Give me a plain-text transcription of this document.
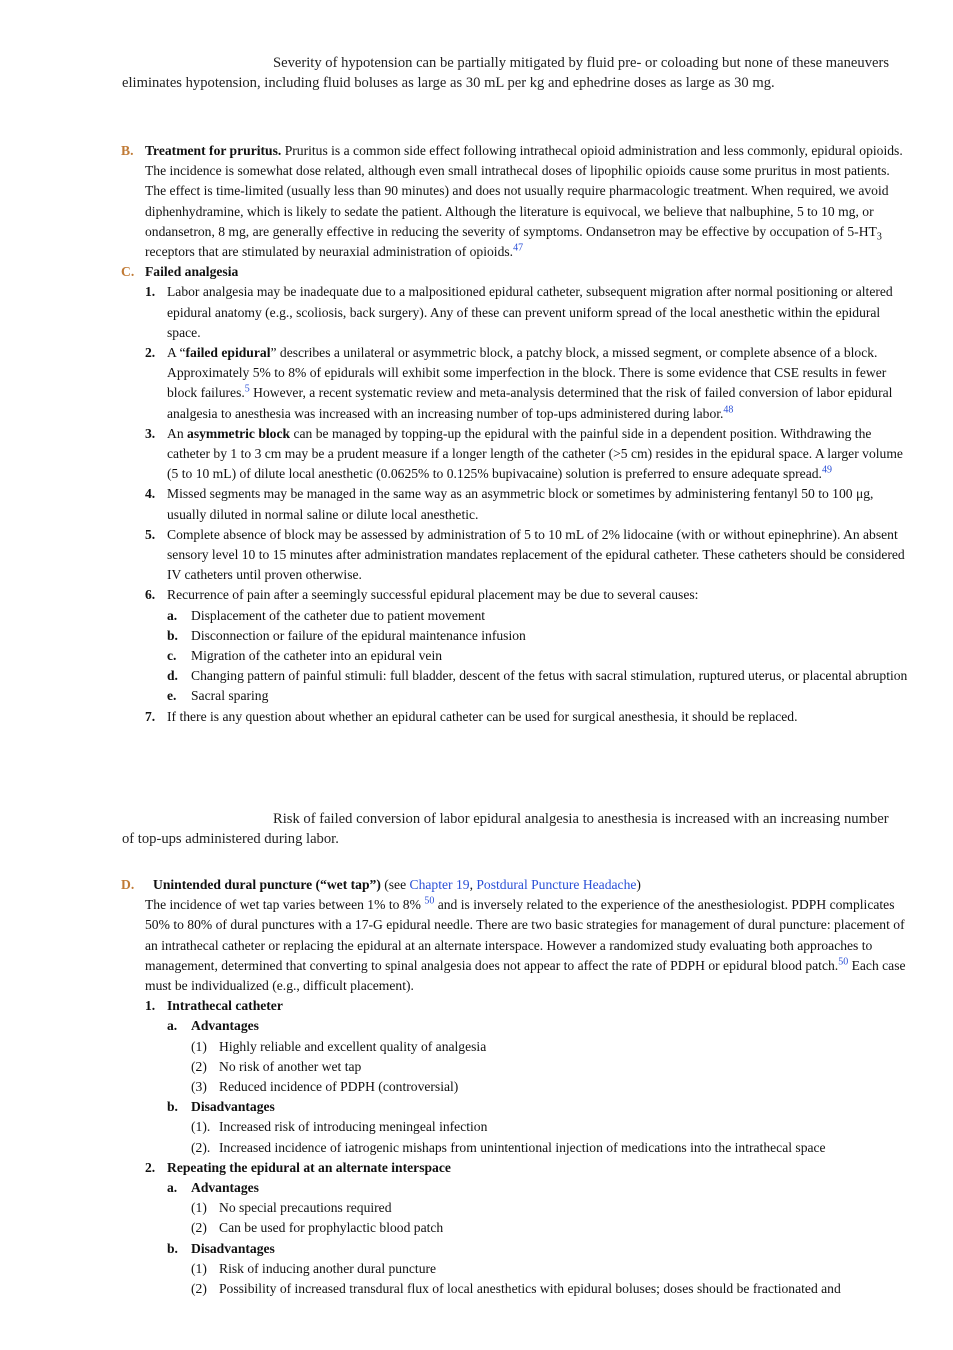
Severity of hypotension can be partially mitigated by fluid pre- or coloading but none of these maneuvers eliminates hypotension, including fluid boluses as large as 30 mL per kg and ephedrine doses as large as 30 mg.
B. Treatment for pruritus. Pruritus is a common side effect following intrathecal opioid administration and less commonly, epidural opioids. The incidence is somewhat dose related, although even small intrathecal doses of lipophilic opioids cause some pruritus in most patients. The effect is time-limited (usually less than 90 minutes) and does not usually require pharmacologic treatment. When required, we avoid diphenhydramine, which is likely to sedate the patient. Although the literature is equivocal, we believe that nalbuphine, 5 to 10 mg, or ondansetron, 8 mg, are generally effective in reducing the severity of symptoms. Ondansetron may be effective by occupation of $5-HT_3$ receptors that are stimulated by neuraxial administration of opioids.$^{47}$
C. Failed analgesia
1. Labor analgesia may be inadequate due to a malpositioned epidural catheter, subsequent migration after normal positioning or altered epidural anatomy (e.g., scoliosis, back surgery). Any of these can prevent uniform spread of the local anesthetic within the epidural space.
2. A “failed epidural” describes a unilateral or asymmetric block, a patchy block, a missed segment, or complete absence of a block. Approximately 5% to 8% of epidurals will exhibit some imperfection in the block. There is some evidence that CSE results in fewer block failures.$^5$ However, a recent systematic review and meta-analysis determined that the risk of failed conversion of labor epidural analgesia to anesthesia was increased with an increasing number of top-ups administered during labor.$^{48}$
3. An asymmetric block can be managed by topping-up the epidural with the painful side in a dependent position. Withdrawing the catheter by 1 to 3 cm may be a prudent measure if a longer length of the catheter (>5 cm) resides in the epidural space. A larger volume (5 to 10 mL) of dilute local anesthetic (0.0625% to 0.125% bupivacaine) solution is preferred to ensure adequate spread.$^{49}$
4. Missed segments may be managed in the same way as an asymmetric block or sometimes by administering fentanyl 50 to 100 μg, usually diluted in normal saline or dilute local anesthetic.
5. Complete absence of block may be assessed by administration of 5 to 10 mL of 2% lidocaine (with or without epinephrine). An absent sensory level 10 to 15 minutes after administration mandates replacement of the epidural catheter. These catheters should be considered IV catheters until proven otherwise.
6. Recurrence of pain after a seemingly successful epidural placement may be due to several causes:
a.	Displacement of the catheter due to patient movement
b. Disconnection or failure of the epidural maintenance infusion
c.	Migration of the catheter into an epidural vein
d. Changing pattern of painful stimuli: full bladder, descent of the fetus with sacral stimulation, ruptured uterus, or placental abruption
e.	Sacral sparing
7. If there is any question about whether an epidural catheter can be used for surgical anesthesia, it should be replaced.
Risk of failed conversion of labor epidural analgesia to anesthesia is increased with an increasing number of top-ups administered during labor.
D.	Unintended dural puncture (“wet tap”) (see Chapter 19, Postdural Puncture Headache)
The incidence of wet tap varies between 1% to 8% $^{50}$ and is inversely related to the experience of the anesthesiologist. PDPH complicates 50% to 80% of dural punctures with a 17-G epidural needle. There are two basic strategies for management of dural puncture: placement of an intrathecal catheter or replacing the epidural at an alternate interspace. However a randomized study evaluating both approaches to management, determined that converting to spinal analgesia does not appear to affect the rate of PDPH or epidural blood patch.$^{50}$ Each case must be individualized (e.g., difficult placement).
1. Intrathecal catheter
a.	Advantages
(1) Highly reliable and excellent quality of analgesia
(2) No risk of another wet tap
(3) Reduced incidence of PDPH (controversial)
b. Disadvantages
(1). Increased risk of introducing meningeal infection
(2). Increased incidence of iatrogenic mishaps from unintentional injection of medications into the intrathecal space
2. Repeating the epidural at an alternate interspace
a.	Advantages
(1) No special precautions required
(2) Can be used for prophylactic blood patch
b. Disadvantages
(1) Risk of inducing another dural puncture
(2) Possibility of increased transdural flux of local anesthetics with epidural boluses; doses should be fractionated and
